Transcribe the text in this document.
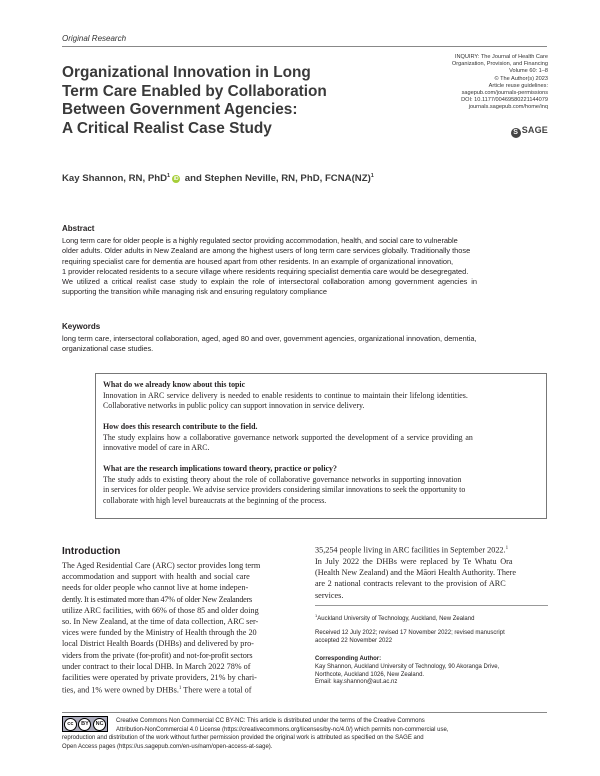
Original Research
Organizational Innovation in Long
Term Care Enabled by Collaboration
Between Government Agencies:
A Critical Realist Case Study
INQUIRY: The Journal of Health Care
Organization, Provision, and Financing
Volume 60: 1–8
© The Author(s) 2023
Article reuse guidelines:
sagepub.com/journals-permissions
DOI: 10.1177/00469580221144079
journals.sagepub.com/home/inq
S SAGE
Kay Shannon, RN, PhD$^1$iD and Stephen Neville, RN, PhD, FCNA(NZ)$^1$
Abstract
Long term care for older people is a highly regulated sector providing accommodation, health, and social care to vulnerable
older adults. Older adults in New Zealand are among the highest users of long term care services globally. Traditionally those
requiring specialist care for dementia are housed apart from other residents. In an example of organizational innovation,
1 provider relocated residents to a secure village where residents requiring specialist dementia care would be desegregated.
We utilized a critical realist case study to explain the role of intersectoral collaboration among government agencies in
supporting the transition while managing risk and ensuring regulatory compliance
Keywords
long term care, intersectoral collaboration, aged, aged 80 and over, government agencies, organizational innovation, dementia,
organizational case studies.
What do we already know about this topic
Innovation in ARC service delivery is needed to enable residents to continue to maintain their lifelong identities.
Collaborative networks in public policy can support innovation in service delivery.
How does this research contribute to the field.
The study explains how a collaborative governance network supported the development of a service providing an
innovative model of care in ARC.
What are the research implications toward theory, practice or policy?
The study adds to existing theory about the role of collaborative governance networks in supporting innovation
in services for older people. We advise service providers considering similar innovations to seek the opportunity to
collaborate with high level bureaucrats at the beginning of the process.
Introduction
The Aged Residential Care (ARC) sector provides long term
accommodation and support with health and social care
needs for older people who cannot live at home indepen-
dently. It is estimated more than 47% of older New Zealanders
utilize ARC facilities, with 66% of those 85 and older doing
so. In New Zealand, at the time of data collection, ARC ser-
vices were funded by the Ministry of Health through the 20
local District Health Boards (DHBs) and delivered by pro-
viders from the private (for-profit) and not-for-profit sectors
under contract to their local DHB. In March 2022 78% of
facilities were operated by private providers, 21% by chari-
ties, and 1% were owned by DHBs.$^1$ There were a total of
35,254 people living in ARC facilities in September 2022.$^1$
In July 2022 the DHBs were replaced by Te Whatu Ora
(Health New Zealand) and the Māori Health Authority. There
are 2 national contracts relevant to the provision of ARC
services.
$^1$Auckland University of Technology, Auckland, New Zealand
Received 12 July 2022; revised 17 November 2022; revised manuscript
accepted 22 November 2022
Corresponding Author:
Kay Shannon, Auckland University of Technology, 90 Akoranga Drive,
Northcote, Auckland 1026, New Zealand.
Email: kay.shannon@aut.ac.nz
cc	BY	NC	Creative Commons Non Commercial CC BY-NC: This article is distributed under the terms of the Creative Commons
Attribution-NonCommercial 4.0 License (https://creativecommons.org/licenses/by-nc/4.0/) which permits non-commercial use,
reproduction and distribution of the work without further permission provided the original work is attributed as specified on the SAGE and
Open Access pages (https://us.sagepub.com/en-us/nam/open-access-at-sage).
